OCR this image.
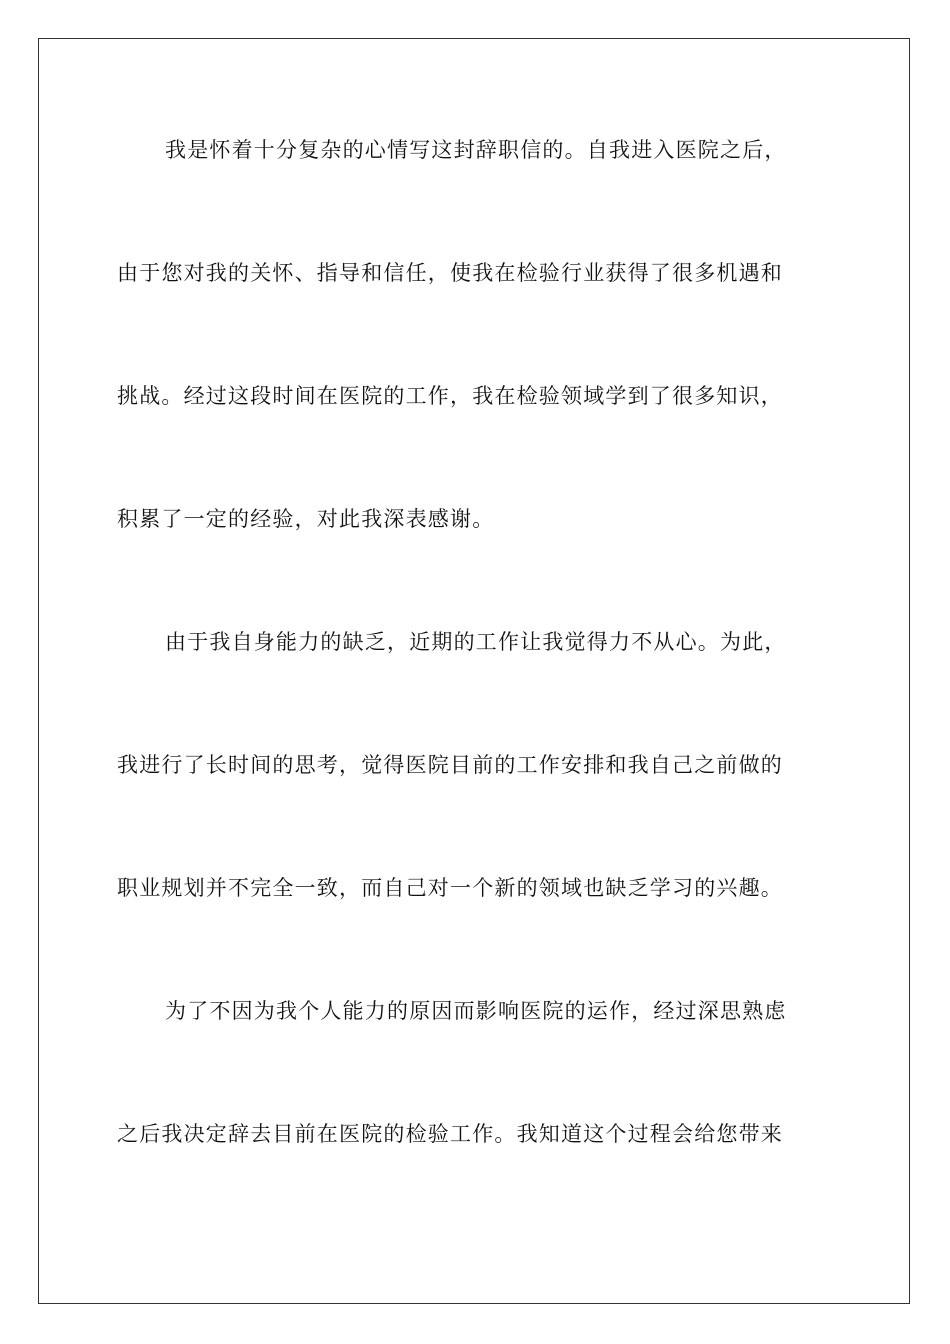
我是怀着十分复杂的心情写这封辞职信的。自我进入医院之后，
由于您对我的关怀、指导和信任，使我在检验行业获得了很多机遇和
挑战。经过这段时间在医院的工作，我在检验领域学到了很多知识，
积累了一定的经验，对此我深表感谢。
由于我自身能力的缺乏，近期的工作让我觉得力不从心。为此，
我进行了长时间的思考，觉得医院目前的工作安排和我自己之前做的
职业规划并不完全一致，而自己对一个新的领域也缺乏学习的兴趣。
为了不因为我个人能力的原因而影响医院的运作，经过深思熟虑
之后我决定辞去目前在医院的检验工作。我知道这个过程会给您带来
